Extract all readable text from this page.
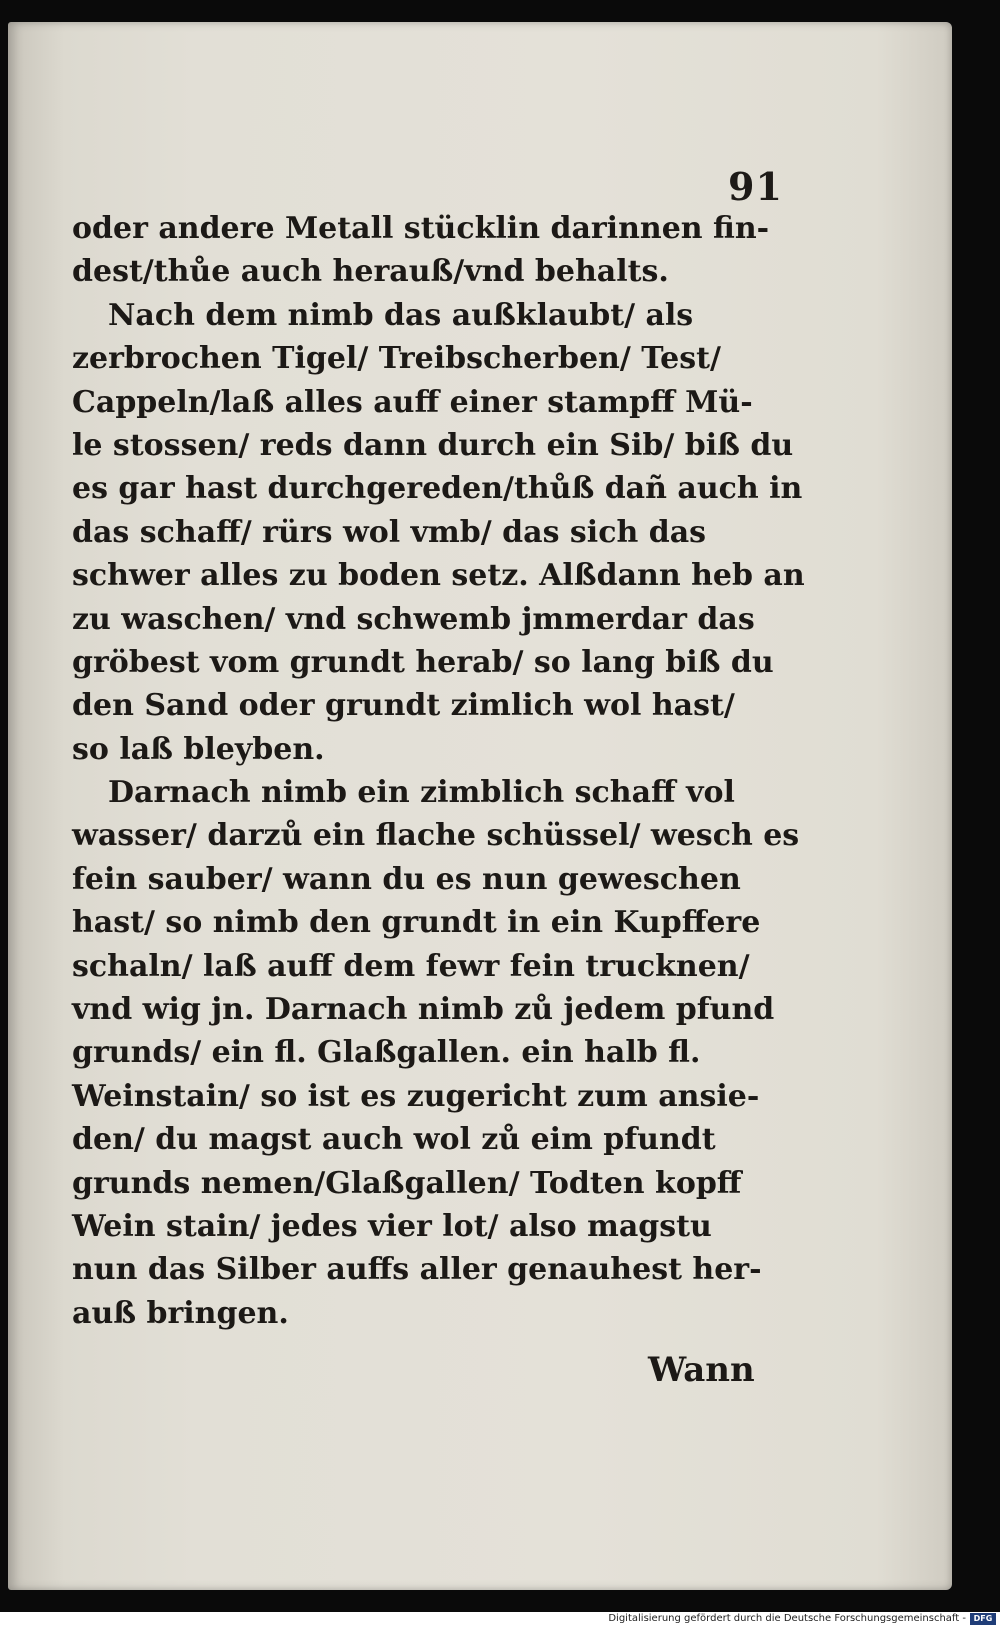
91
oder andere Metall stücklin darinnen fin-
dest/thůe auch herauß/vnd behalts.
Nach dem nimb das außklaubt/ als
zerbrochen Tigel/ Treibscherben/ Test/
Cappeln/laß alles auff einer stampff Mü-
le stossen/ reds dann durch ein Sib/ biß du
es gar hast durchgereden/thůß dañ auch in
das schaff/ rürs wol vmb/ das sich das
schwer alles zu boden setz. Alßdann heb an
zu waschen/ vnd schwemb jmmerdar das
gröbest vom grundt herab/ so lang biß du
den Sand oder grundt zimlich wol hast/
so laß bleyben.
Darnach nimb ein zimblich schaff vol
wasser/ darzů ein flache schüssel/ wesch es
fein sauber/ wann du es nun geweschen
hast/ so nimb den grundt in ein Kupffere
schaln/ laß auff dem fewr fein trucknen/
vnd wig jn. Darnach nimb zů jedem pfund
grunds/ ein fl. Glaßgallen. ein halb fl.
Weinstain/ so ist es zugericht zum ansie-
den/ du magst auch wol zů eim pfundt
grunds nemen/Glaßgallen/ Todten kopff
Wein stain/ jedes vier lot/ also magstu
nun das Silber auffs aller genauhest her-
auß bringen.
Wann
Digitalisierung gefördert durch die Deutsche Forschungsgemeinschaft - DFG
